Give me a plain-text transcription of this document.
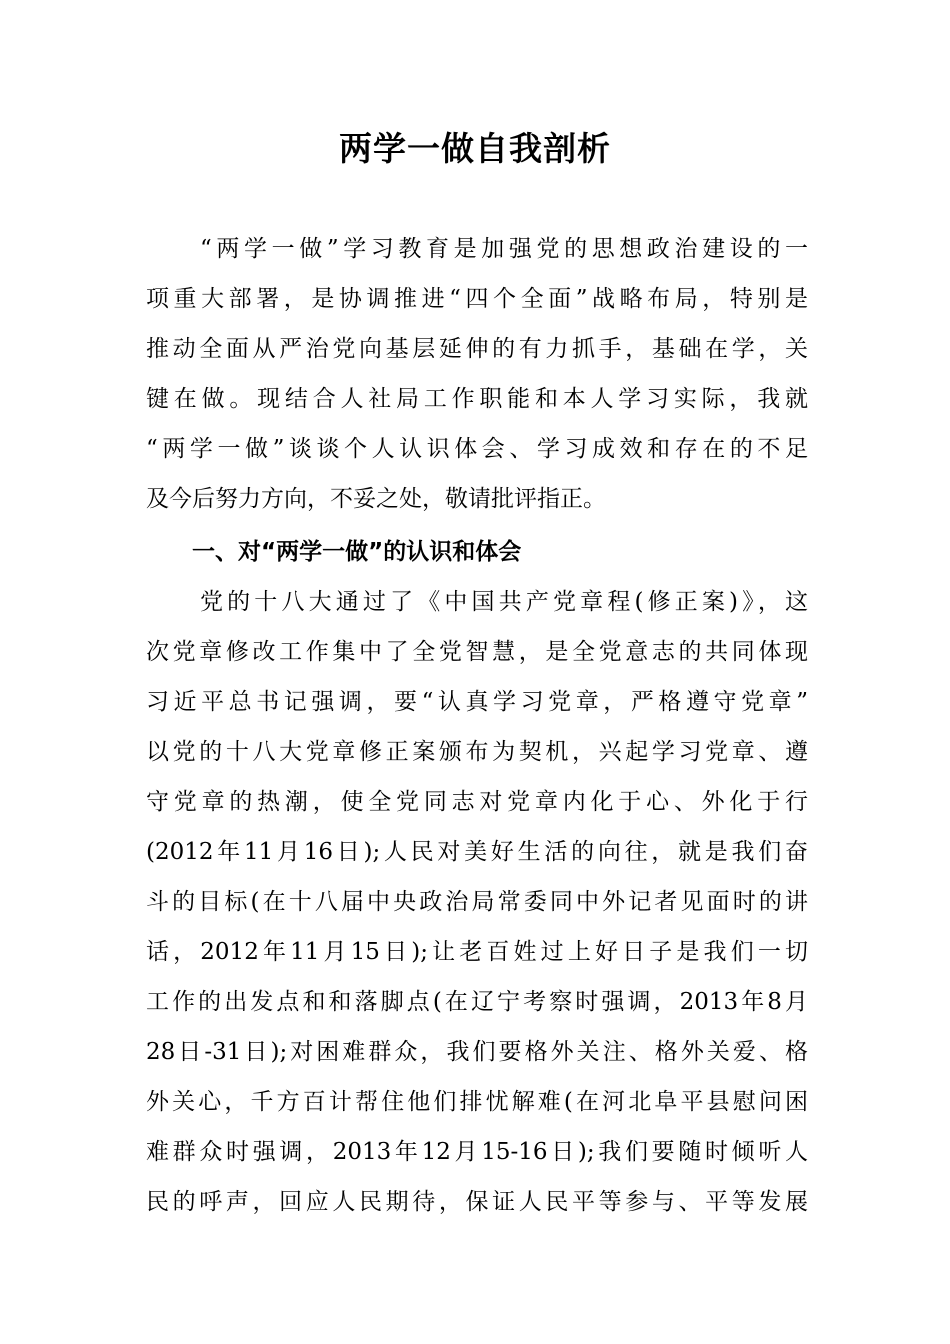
两学一做自我剖析
“两学一做”学习教育是加强党的思想政治建设的一
项重大部署，是协调推进“四个全面”战略布局，特别是
推动全面从严治党向基层延伸的有力抓手，基础在学，关
键在做。现结合人社局工作职能和本人学习实际，我就
“两学一做”谈谈个人认识体会、学习成效和存在的不足
及今后努力方向，不妥之处，敬请批评指正。
一、对“两学一做”的认识和体会
党的十八大通过了《中国共产党章程(修正案)》，这
次党章修改工作集中了全党智慧，是全党意志的共同体现
习近平总书记强调，要“认真学习党章，严格遵守党章”
以党的十八大党章修正案颁布为契机，兴起学习党章、遵
守党章的热潮，使全党同志对党章内化于心、外化于行
(2012年11月16日);人民对美好生活的向往，就是我们奋
斗的目标(在十八届中央政治局常委同中外记者见面时的讲
话，2012年11月15日);让老百姓过上好日子是我们一切
工作的出发点和和落脚点(在辽宁考察时强调，2013年8月
28日-31日);对困难群众，我们要格外关注、格外关爱、格
外关心，千方百计帮住他们排忧解难(在河北阜平县慰问困
难群众时强调，2013年12月15-16日);我们要随时倾听人
民的呼声，回应人民期待，保证人民平等参与、平等发展
